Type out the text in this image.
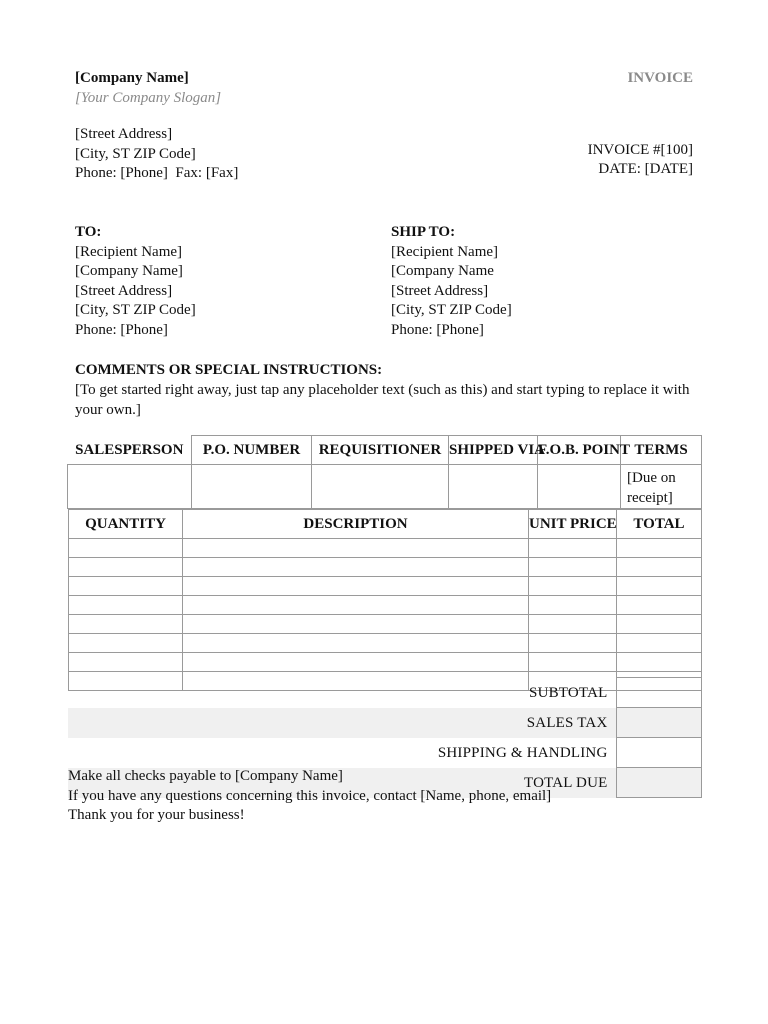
[Company Name]
[Your Company Slogan]
[Street Address]
[City, ST ZIP Code]
Phone: [Phone]  Fax: [Fax]
INVOICE
INVOICE #[100]
DATE: [DATE]
TO:
[Recipient Name]
[Company Name]
[Street Address]
[City, ST ZIP Code]
Phone: [Phone]
SHIP TO:
[Recipient Name]
[Company Name
[Street Address]
[City, ST ZIP Code]
Phone: [Phone]
COMMENTS OR SPECIAL INSTRUCTIONS:
[To get started right away, just tap any placeholder text (such as this) and start typing to replace it with your own.]
SALESPERSON	P.O. NUMBER	REQUISITIONER	SHIPPED VIA	F.O.B. POINT	TERMS
					[Due on receipt]
QUANTITY	DESCRIPTION	UNIT PRICE	TOTAL

SUBTOTAL	
SALES TAX	
SHIPPING & HANDLING	
TOTAL DUE	
Make all checks payable to [Company Name]
If you have any questions concerning this invoice, contact [Name, phone, email]
Thank you for your business!
